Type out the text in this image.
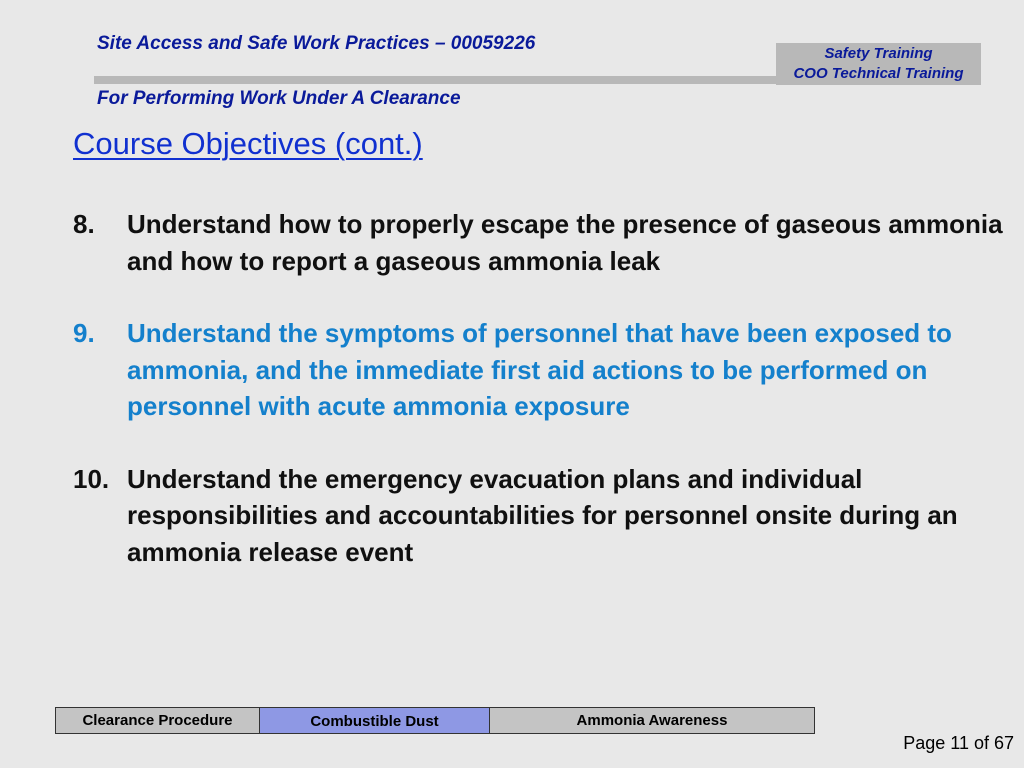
Site Access and Safe Work Practices – 00059226
For Performing Work Under A Clearance
Safety Training
COO Technical Training
Course Objectives (cont.)
8.	Understand how to properly escape the presence of gaseous ammonia and how to report a gaseous ammonia leak
9.	Understand the symptoms of personnel that have been exposed to ammonia, and the immediate first aid actions to be performed on personnel with acute ammonia exposure
10. Understand the emergency evacuation plans and individual responsibilities and accountabilities for personnel onsite during an ammonia release event
Clearance Procedure	Combustible Dust	Ammonia Awareness
Page 11 of 67
